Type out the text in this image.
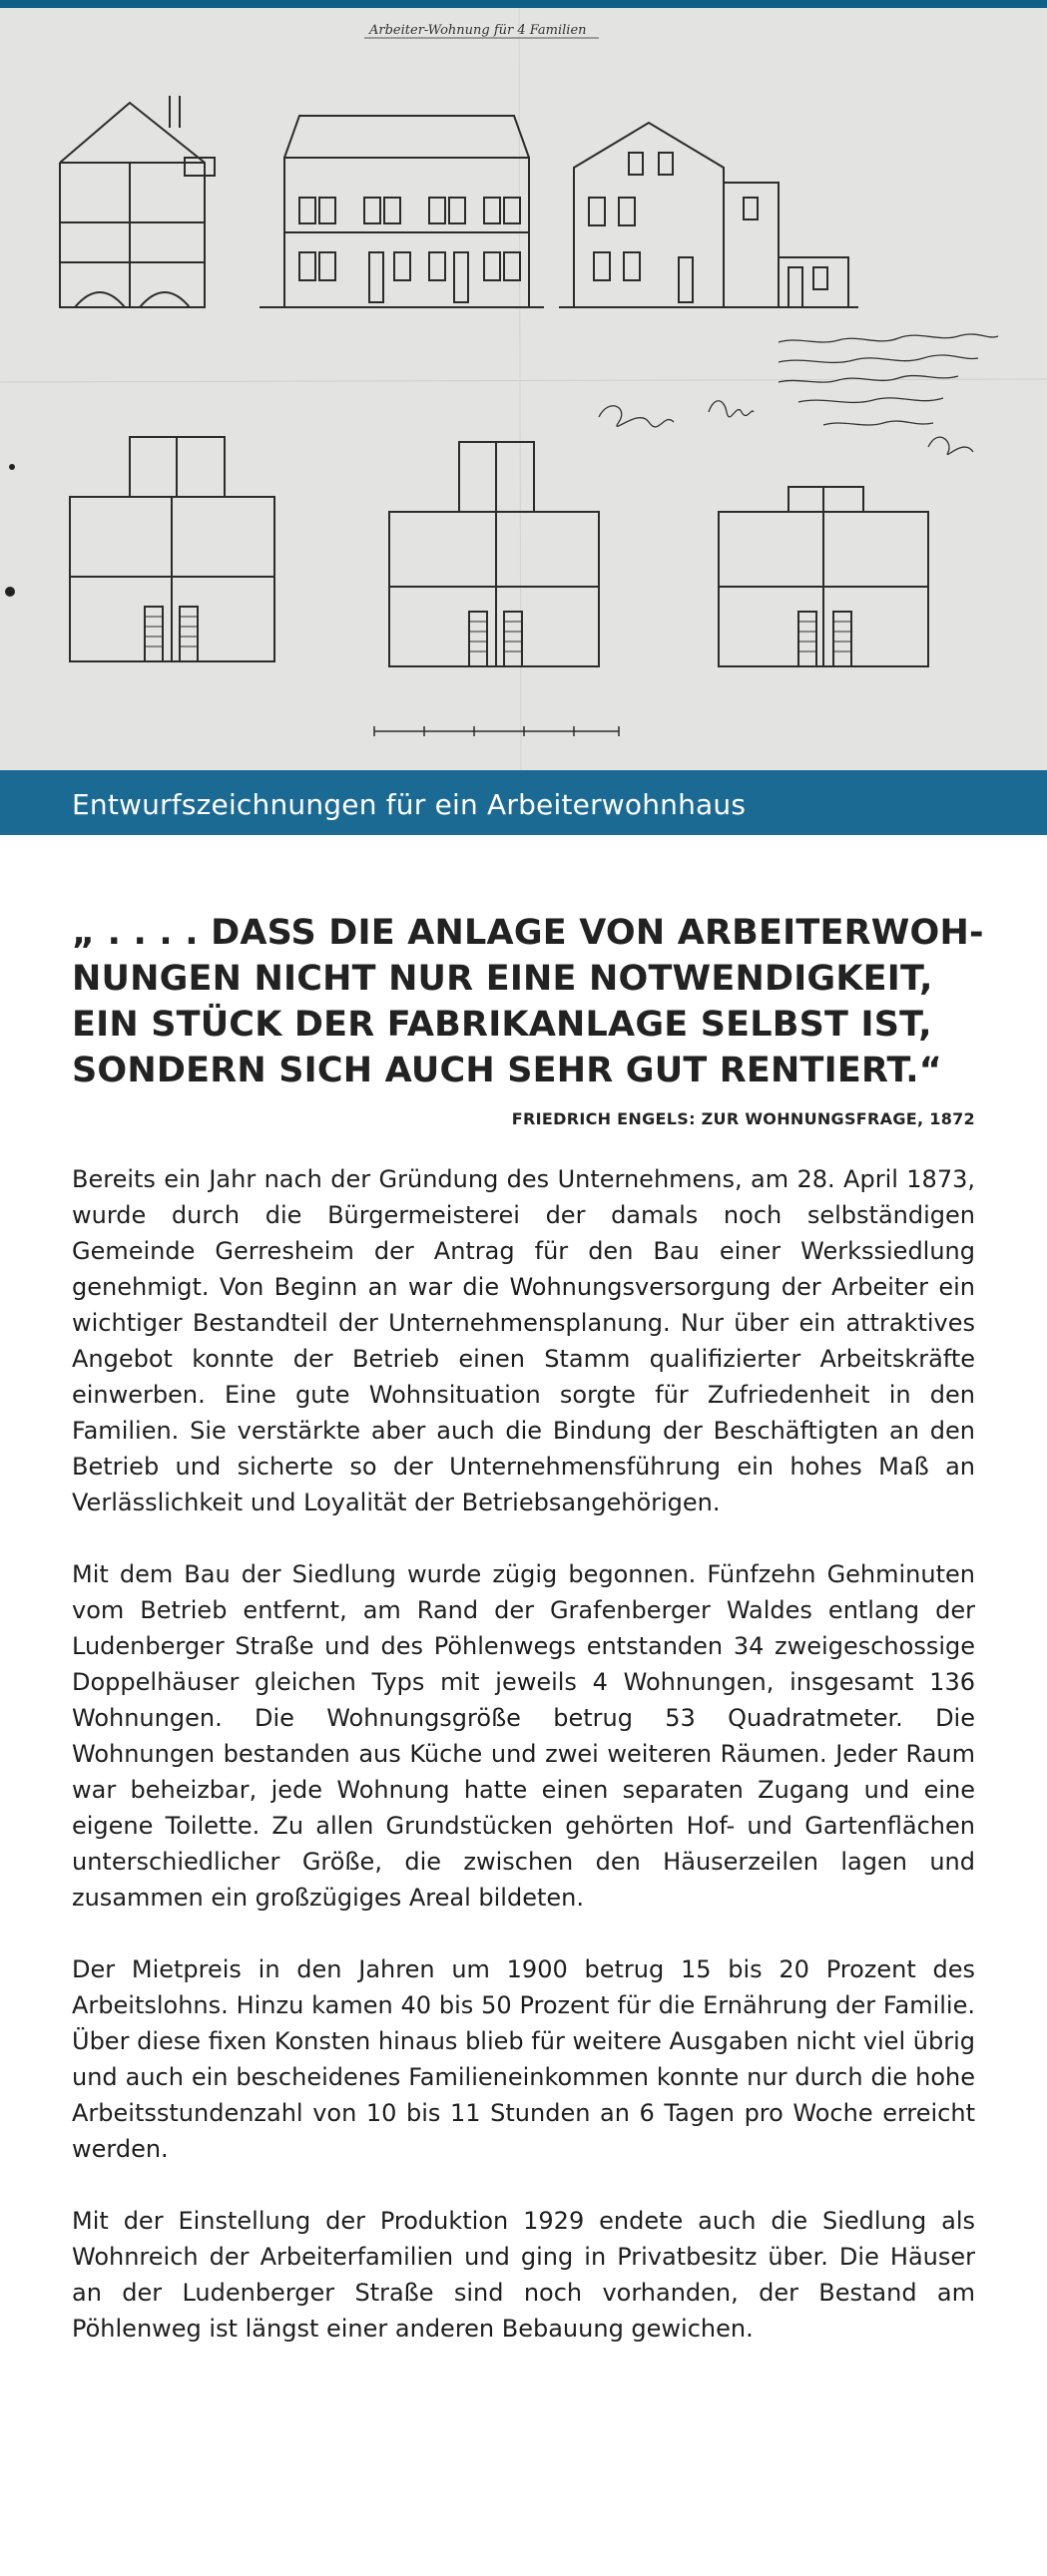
Arbeiter-Wohnung für 4 Familien
Entwurfszeichnungen für ein Arbeiterwohnhaus
„ . . . . DASS DIE ANLAGE VON ARBEITERWOH-
NUNGEN NICHT NUR EINE NOTWENDIGKEIT,
EIN STÜCK DER FABRIKANLAGE SELBST IST,
SONDERN SICH AUCH SEHR GUT RENTIERT.“
FRIEDRICH ENGELS: ZUR WOHNUNGSFRAGE, 1872

Bereits ein Jahr nach der Gründung des Unternehmens, am 28. April 1873, wurde durch die Bürgermeisterei der damals noch selbständigen Gemeinde Gerresheim der Antrag für den Bau einer Werkssiedlung genehmigt. Von Beginn an war die Wohnungsversorgung der Arbeiter ein wichtiger Bestandteil der Unternehmensplanung. Nur über ein attraktives Angebot konnte der Betrieb einen Stamm qualifizierter Arbeitskräfte einwerben. Eine gute Wohnsituation sorgte für Zufriedenheit in den Familien. Sie verstärkte aber auch die Bindung der Beschäftigten an den Betrieb und sicherte so der Unternehmensführung ein hohes Maß an Verlässlichkeit und Loyalität der Betriebsangehörigen.

Mit dem Bau der Siedlung wurde zügig begonnen. Fünfzehn Gehminuten vom Betrieb entfernt, am Rand der Grafenberger Waldes entlang der Ludenberger Straße und des Pöhlenwegs entstanden 34 zweigeschossige Doppelhäuser gleichen Typs mit jeweils 4 Wohnungen, insgesamt 136 Wohnungen. Die Wohnungsgröße betrug 53 Quadratmeter. Die Wohnungen bestanden aus Küche und zwei weiteren Räumen. Jeder Raum war beheizbar, jede Wohnung hatte einen separaten Zugang und eine eigene Toilette. Zu allen Grundstücken gehörten Hof- und Gartenflächen unterschiedlicher Größe, die zwischen den Häuserzeilen lagen und zusammen ein großzügiges Areal bildeten.

Der Mietpreis in den Jahren um 1900 betrug 15 bis 20 Prozent des Arbeitslohns. Hinzu kamen 40 bis 50 Prozent für die Ernährung der Familie. Über diese fixen Konsten hinaus blieb für weitere Ausgaben nicht viel übrig und auch ein bescheidenes Familieneinkommen konnte nur durch die hohe Arbeitsstundenzahl von 10 bis 11 Stunden an 6 Tagen pro Woche erreicht werden.

Mit der Einstellung der Produktion 1929 endete auch die Siedlung als Wohnreich der Arbeiterfamilien und ging in Privatbesitz über. Die Häuser an der Ludenberger Straße sind noch vorhanden, der Bestand am Pöhlenweg ist längst einer anderen Bebauung gewichen.
